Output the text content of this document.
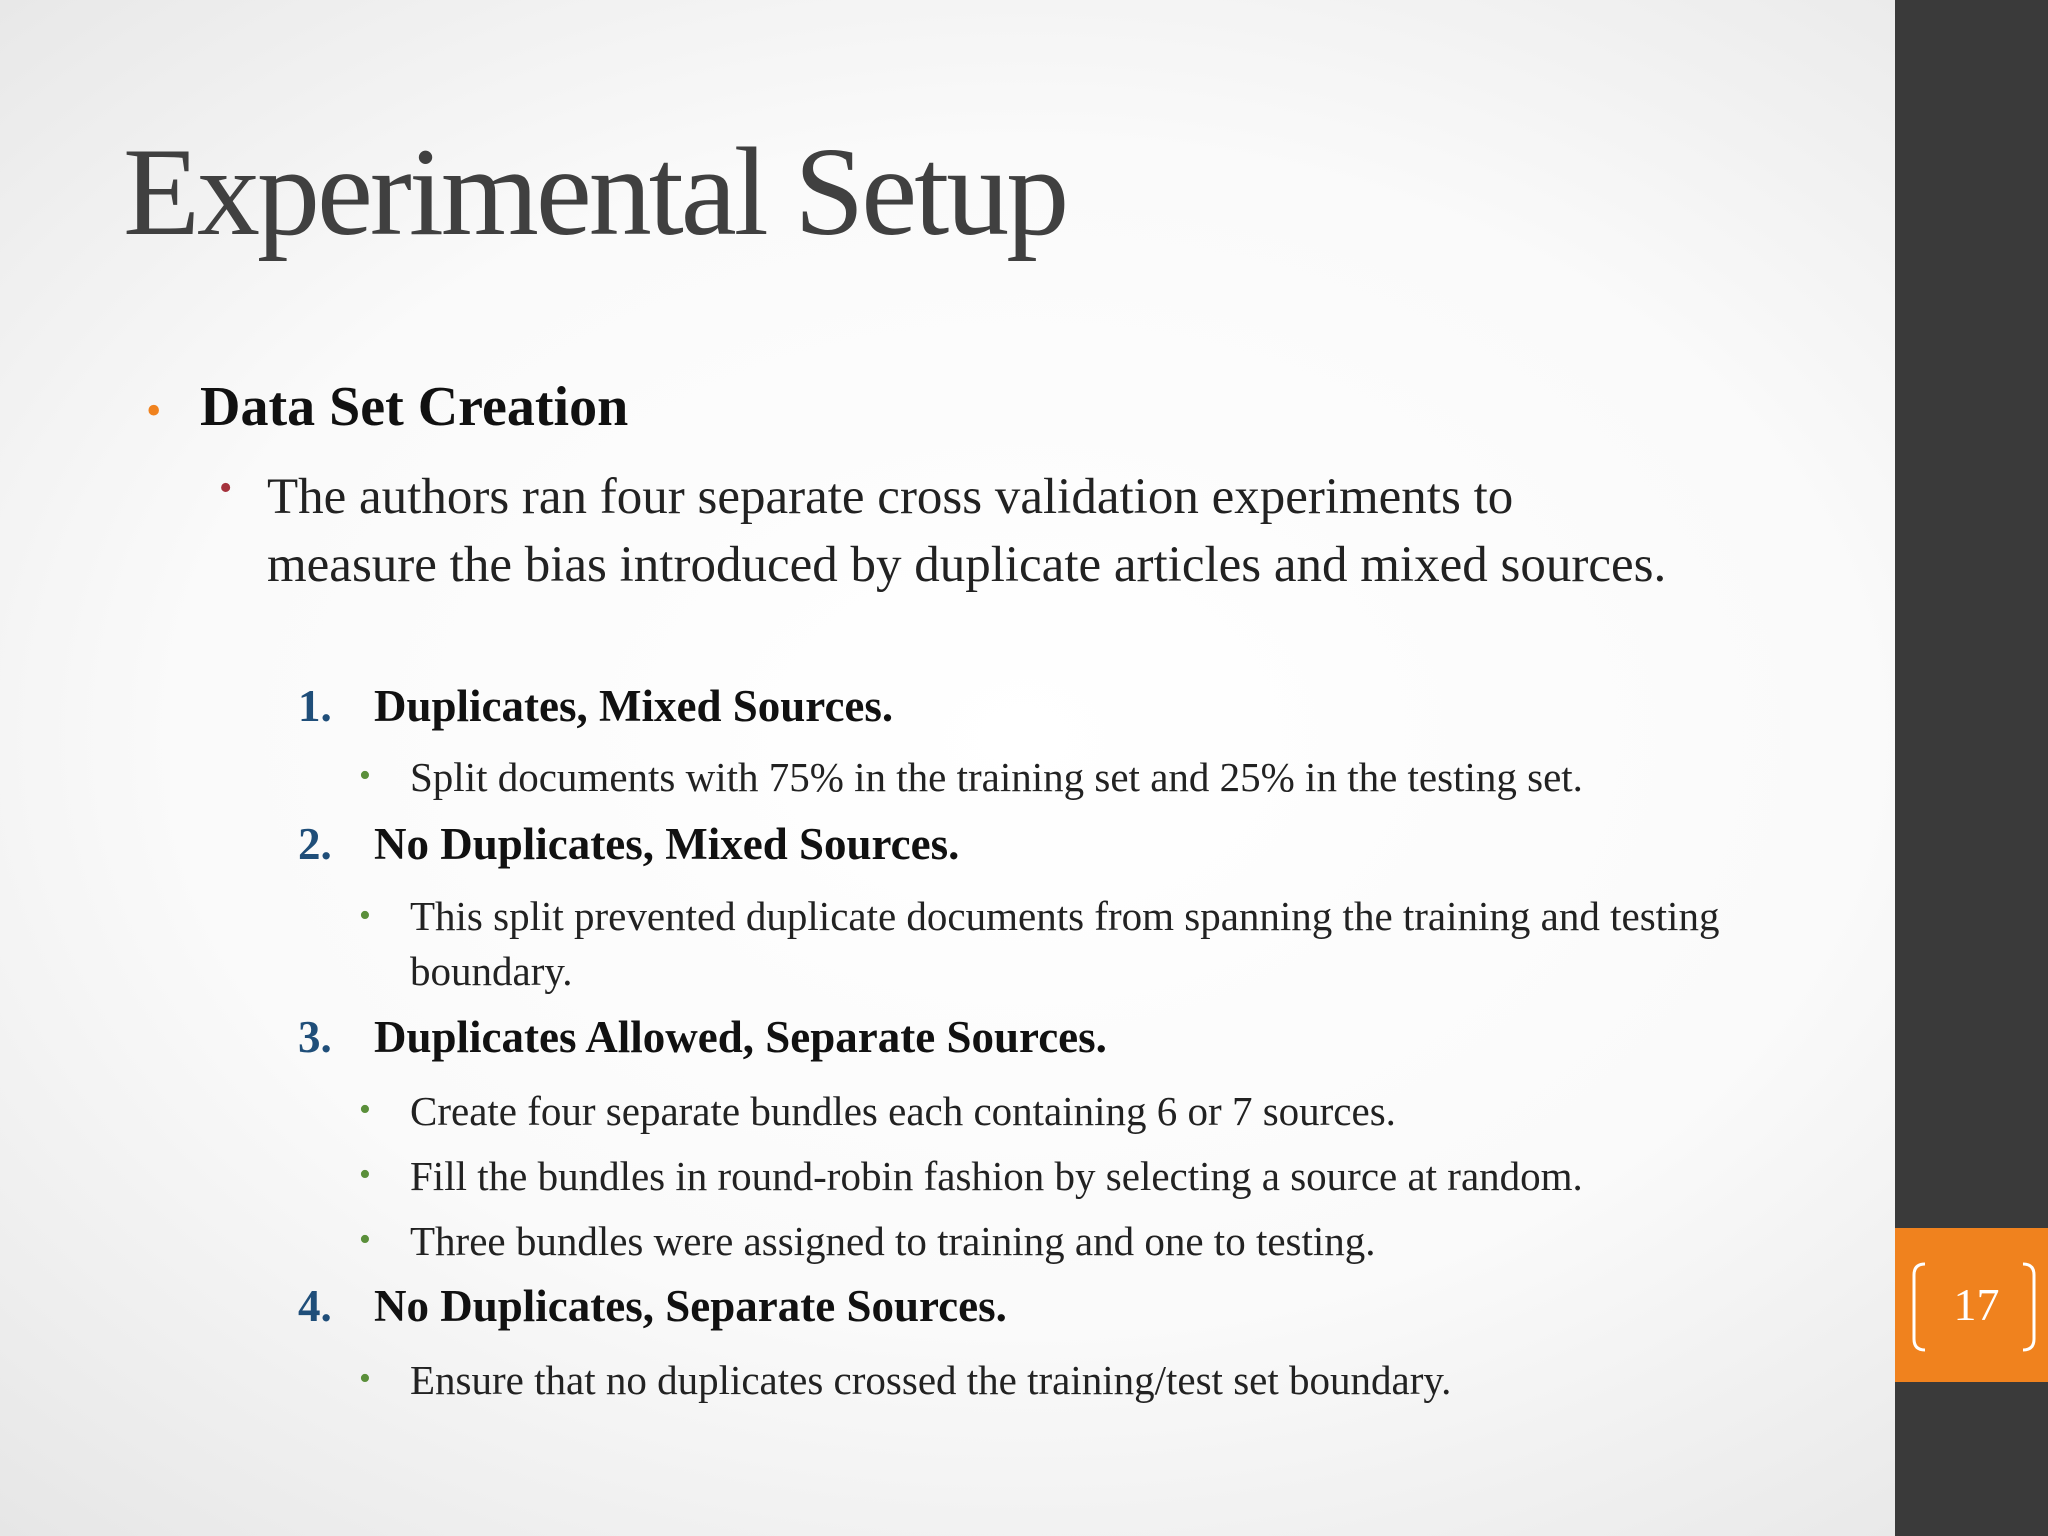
Experimental Setup
• Data Set Creation
• The authors ran four separate cross validation experiments to measure the bias introduced by duplicate articles and mixed sources.
1. Duplicates, Mixed Sources.
• Split documents with 75% in the training set and 25% in the testing set.
2. No Duplicates, Mixed Sources.
• This split prevented duplicate documents from spanning the training and testing boundary.
3. Duplicates Allowed, Separate Sources.
• Create four separate bundles each containing 6 or 7 sources.
• Fill the bundles in round-robin fashion by selecting a source at random.
• Three bundles were assigned to training and one to testing.
4. No Duplicates, Separate Sources.
• Ensure that no duplicates crossed the training/test set boundary.
17
